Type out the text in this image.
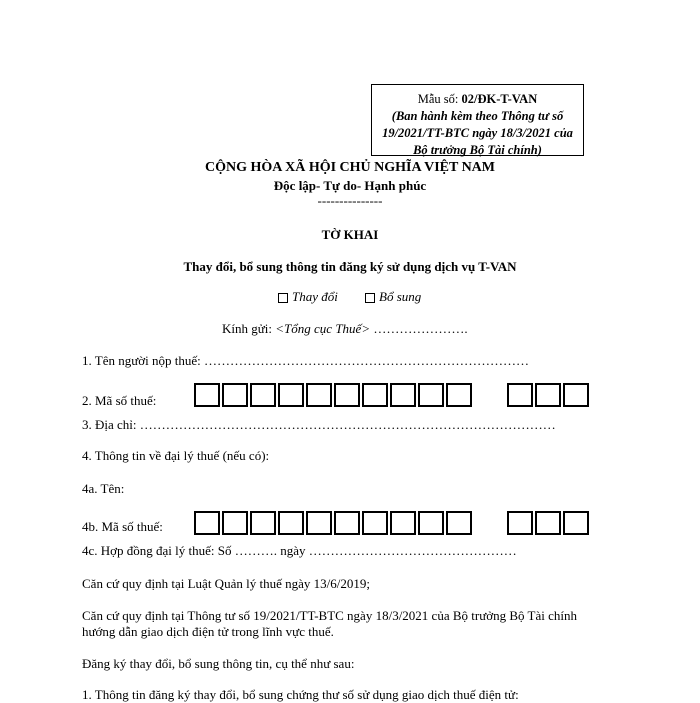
Mẫu số: 02/ĐK-T-VAN
(Ban hành kèm theo Thông tư số
19/2021/TT-BTC ngày 18/3/2021 của
Bộ trưởng Bộ Tài chính)
CỘNG HÒA XÃ HỘI CHỦ NGHĨA VIỆT NAM
Độc lập- Tự do- Hạnh phúc
---------------
TỜ KHAI
Thay đổi, bổ sung thông tin đăng ký sử dụng dịch vụ T-VAN
Thay đổi	Bổ sung
Kính gửi: <Tổng cục Thuế> ………………….
1. Tên người nộp thuế: …………………………………………………………………
2. Mã số thuế:
3. Địa chỉ: ……………………………………………………………………………………
4. Thông tin về đại lý thuế (nếu có):
4a. Tên:
4b. Mã số thuế:
4c. Hợp đồng đại lý thuế: Số ………. ngày …………………………………………
Căn cứ quy định tại Luật Quản lý thuế ngày 13/6/2019;
Căn cứ quy định tại Thông tư số 19/2021/TT-BTC ngày 18/3/2021 của Bộ trưởng Bộ Tài chính
hướng dẫn giao dịch điện tử trong lĩnh vực thuế.
Đăng ký thay đổi, bổ sung thông tin, cụ thể như sau:
1. Thông tin đăng ký thay đổi, bổ sung chứng thư số sử dụng giao dịch thuế điện tử:
